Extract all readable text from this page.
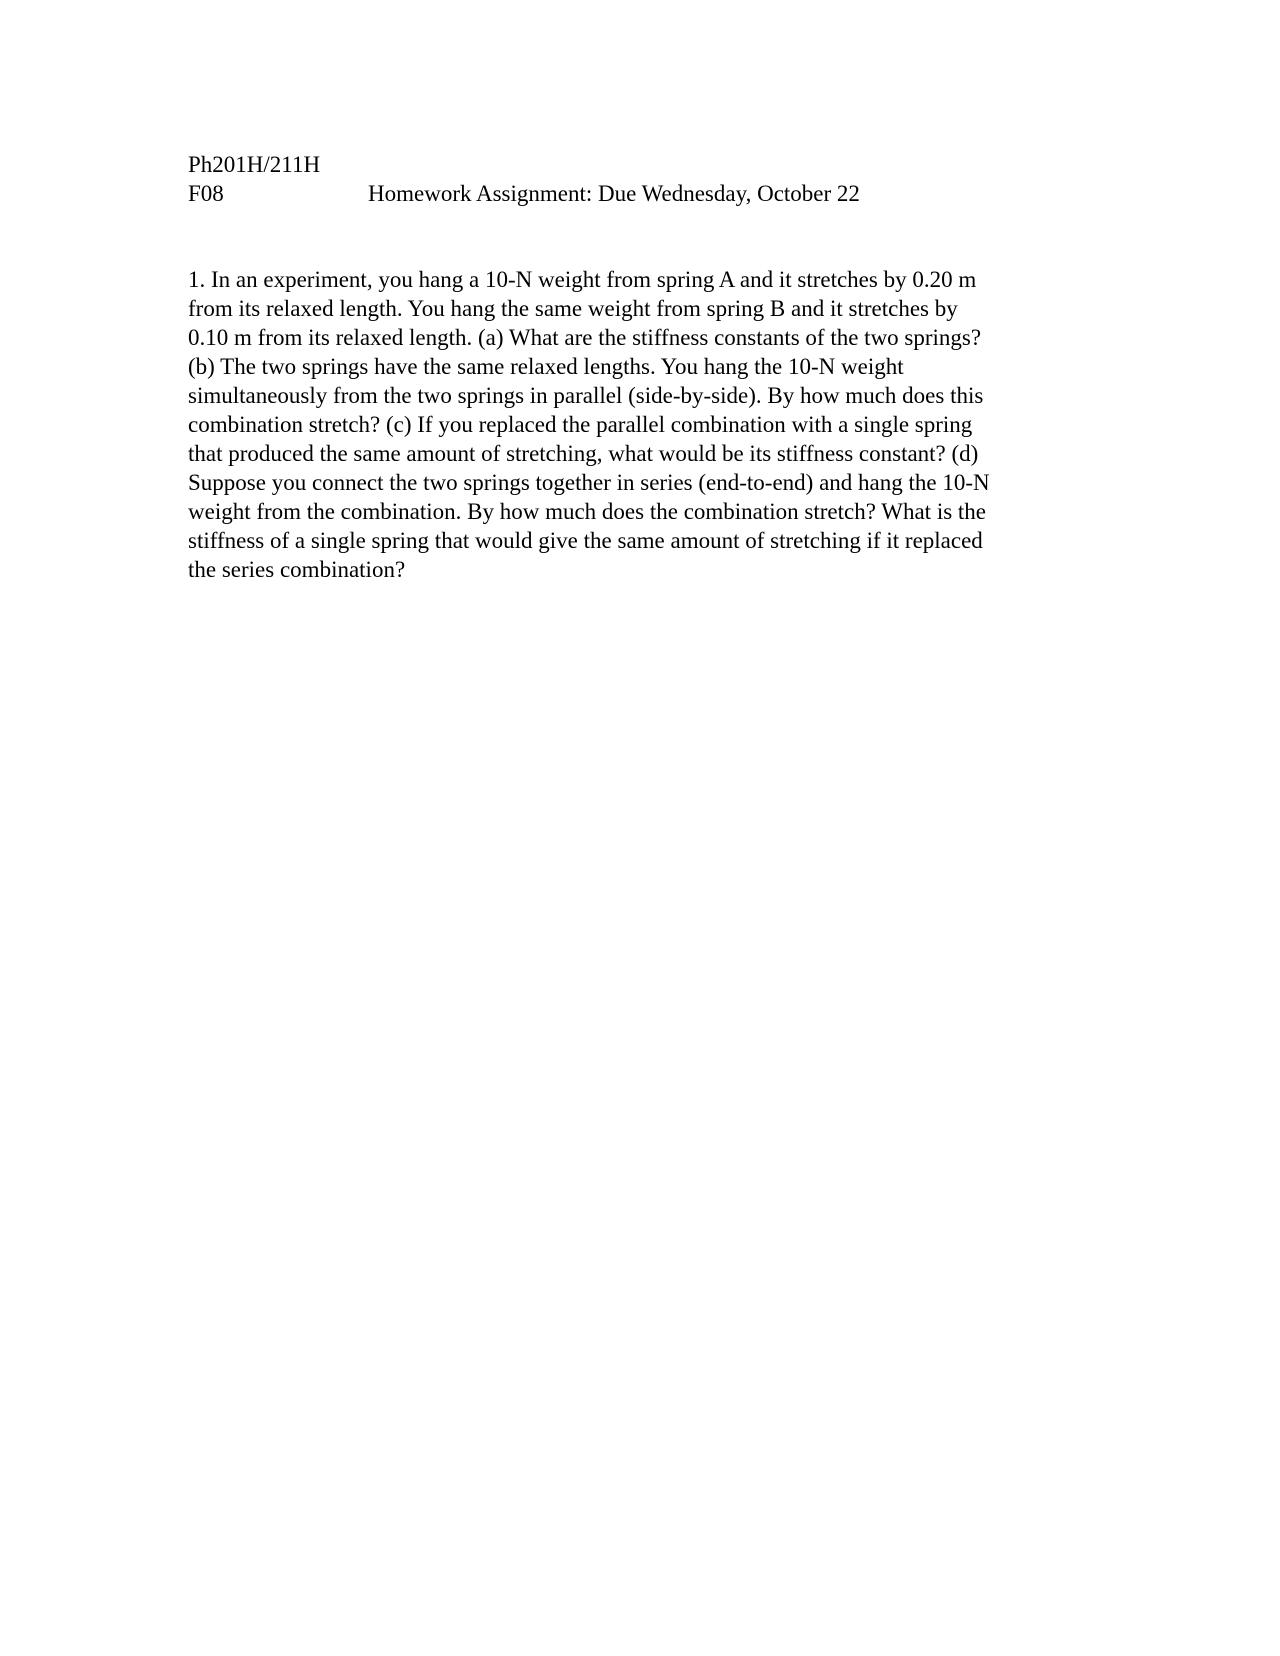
Ph201H/211H
F08	Homework Assignment: Due Wednesday, October 22
1. In an experiment, you hang a 10-N weight from spring A and it stretches by 0.20 m
from its relaxed length. You hang the same weight from spring B and it stretches by
0.10 m from its relaxed length. (a) What are the stiffness constants of the two springs?
(b) The two springs have the same relaxed lengths. You hang the 10-N weight
simultaneously from the two springs in parallel (side-by-side). By how much does this
combination stretch? (c) If you replaced the parallel combination with a single spring
that produced the same amount of stretching, what would be its stiffness constant? (d)
Suppose you connect the two springs together in series (end-to-end) and hang the 10-N
weight from the combination. By how much does the combination stretch? What is the
stiffness of a single spring that would give the same amount of stretching if it replaced
the series combination?
